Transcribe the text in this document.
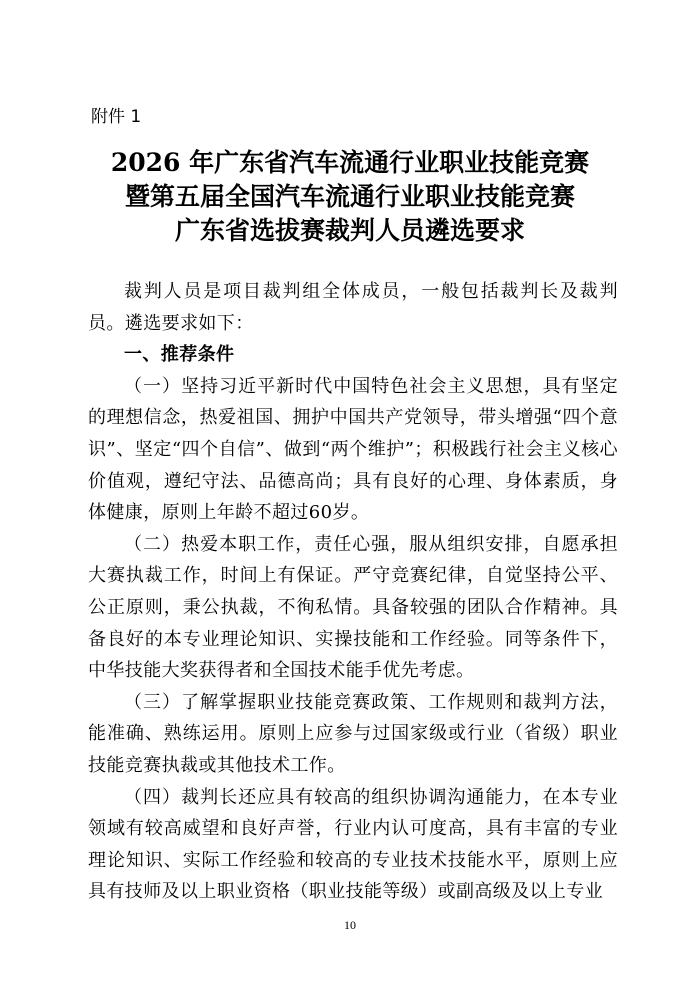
附件 1
2026 年广东省汽车流通行业职业技能竞赛
暨第五届全国汽车流通行业职业技能竞赛
广东省选拔赛裁判人员遴选要求

裁判人员是项目裁判组全体成员，一般包括裁判长及裁判员。遴选要求如下：

一、推荐条件

（一）坚持习近平新时代中国特色社会主义思想，具有坚定的理想信念，热爱祖国、拥护中国共产党领导，带头增强“四个意识”、坚定“四个自信”、做到“两个维护”；积极践行社会主义核心价值观，遵纪守法、品德高尚；具有良好的心理、身体素质，身体健康，原则上年龄不超过60岁。

（二）热爱本职工作，责任心强，服从组织安排，自愿承担大赛执裁工作，时间上有保证。严守竞赛纪律，自觉坚持公平、公正原则，秉公执裁，不徇私情。具备较强的团队合作精神。具备良好的本专业理论知识、实操技能和工作经验。同等条件下，中华技能大奖获得者和全国技术能手优先考虑。

（三）了解掌握职业技能竞赛政策、工作规则和裁判方法，能准确、熟练运用。原则上应参与过国家级或行业（省级）职业技能竞赛执裁或其他技术工作。

（四）裁判长还应具有较高的组织协调沟通能力，在本专业领域有较高威望和良好声誉，行业内认可度高，具有丰富的专业理论知识、实际工作经验和较高的专业技术技能水平，原则上应具有技师及以上职业资格（职业技能等级）或副高级及以上专业

10
